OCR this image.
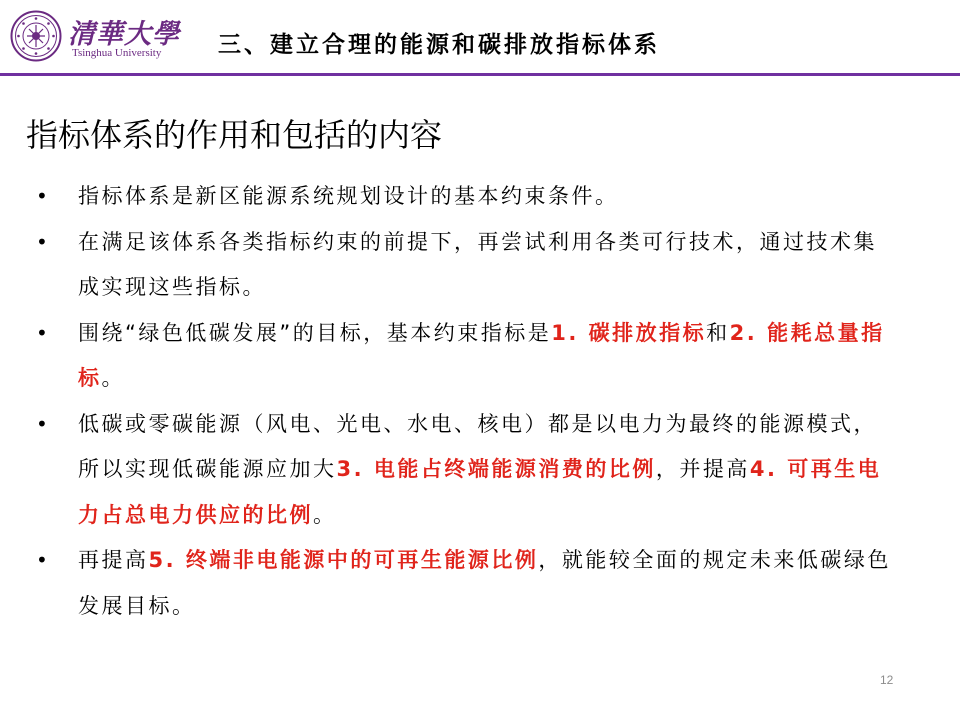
清華大學
Tsinghua University 三、建立合理的能源和碳排放指标体系
指标体系的作用和包括的内容
• 指标体系是新区能源系统规划设计的基本约束条件。
• 在满足该体系各类指标约束的前提下，再尝试利用各类可行技术，通过技术集成实现这些指标。
• 围绕“绿色低碳发展”的目标，基本约束指标是1. 碳排放指标和2. 能耗总量指标。
• 低碳或零碳能源（风电、光电、水电、核电）都是以电力为最终的能源模式，所以实现低碳能源应加大3. 电能占终端能源消费的比例，并提高4. 可再生电力占总电力供应的比例。
• 再提高5. 终端非电能源中的可再生能源比例，就能较全面的规定未来低碳绿色发展目标。
12
